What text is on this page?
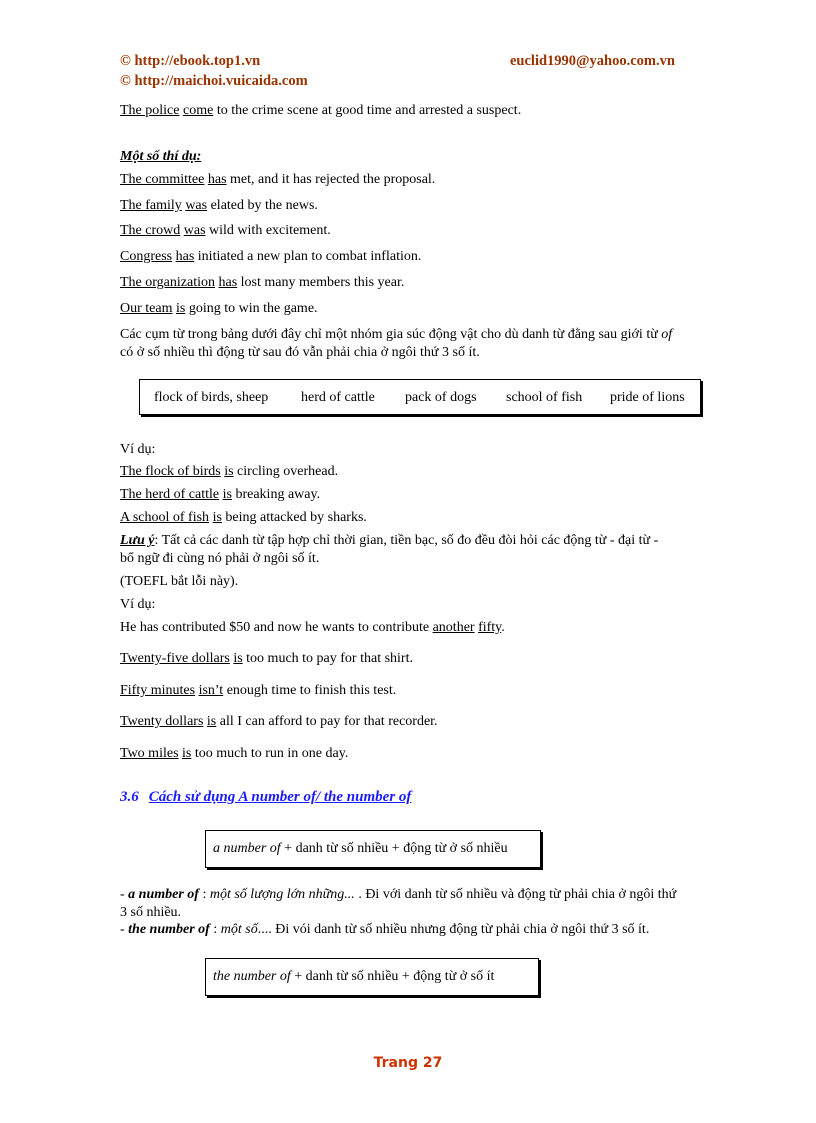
© http://ebook.top1.vn
© http://maichoi.vuicaida.com
euclid1990@yahoo.com.vn
The police come to the crime scene at good time and arrested a suspect.
Một số thí dụ:
The committee has met, and it has rejected the proposal.
The family was elated by the news.
The crowd was wild with excitement.
Congress has initiated a new plan to combat inflation.
The organization has lost many members this year.
Our team is going to win the game.
Các cụm từ trong bảng dưới đây chỉ một nhóm gia súc động vật cho dù danh từ đằng sau giới từ of
có ở số nhiều thì động từ sau đó vẫn phải chia ở ngôi thứ 3 số ít.
flock of birds, sheep herd of cattle pack of dogs school of fish pride of lions
Ví dụ:
The flock of birds is circling overhead.
The herd of cattle is breaking away.
A school of fish is being attacked by sharks.
Lưu ý: Tất cả các danh từ tập hợp chỉ thời gian, tiền bạc, số đo đều đòi hỏi các động từ - đại từ -
bổ ngữ đi cùng nó phải ở ngôi số ít.
(TOEFL bắt lỗi này).
Ví dụ:
He has contributed $50 and now he wants to contribute another fifty.
Twenty-five dollars is too much to pay for that shirt.
Fifty minutes isn’t enough time to finish this test.
Twenty dollars is all I can afford to pay for that recorder.
Two miles is too much to run in one day.
3.6 Cách sử dụng A number of/ the number of
a number of + danh từ số nhiều + động từ ở số nhiều
- a number of : một số lượng lớn những... . Đi với danh từ số nhiều và động từ phải chia ở ngôi thứ
3 số nhiều.
- the number of : một số.... Đi vói danh từ số nhiều nhưng động từ phải chia ở ngôi thứ 3 số ít.
the number of + danh từ số nhiều + động từ ở số ít
Trang 27
